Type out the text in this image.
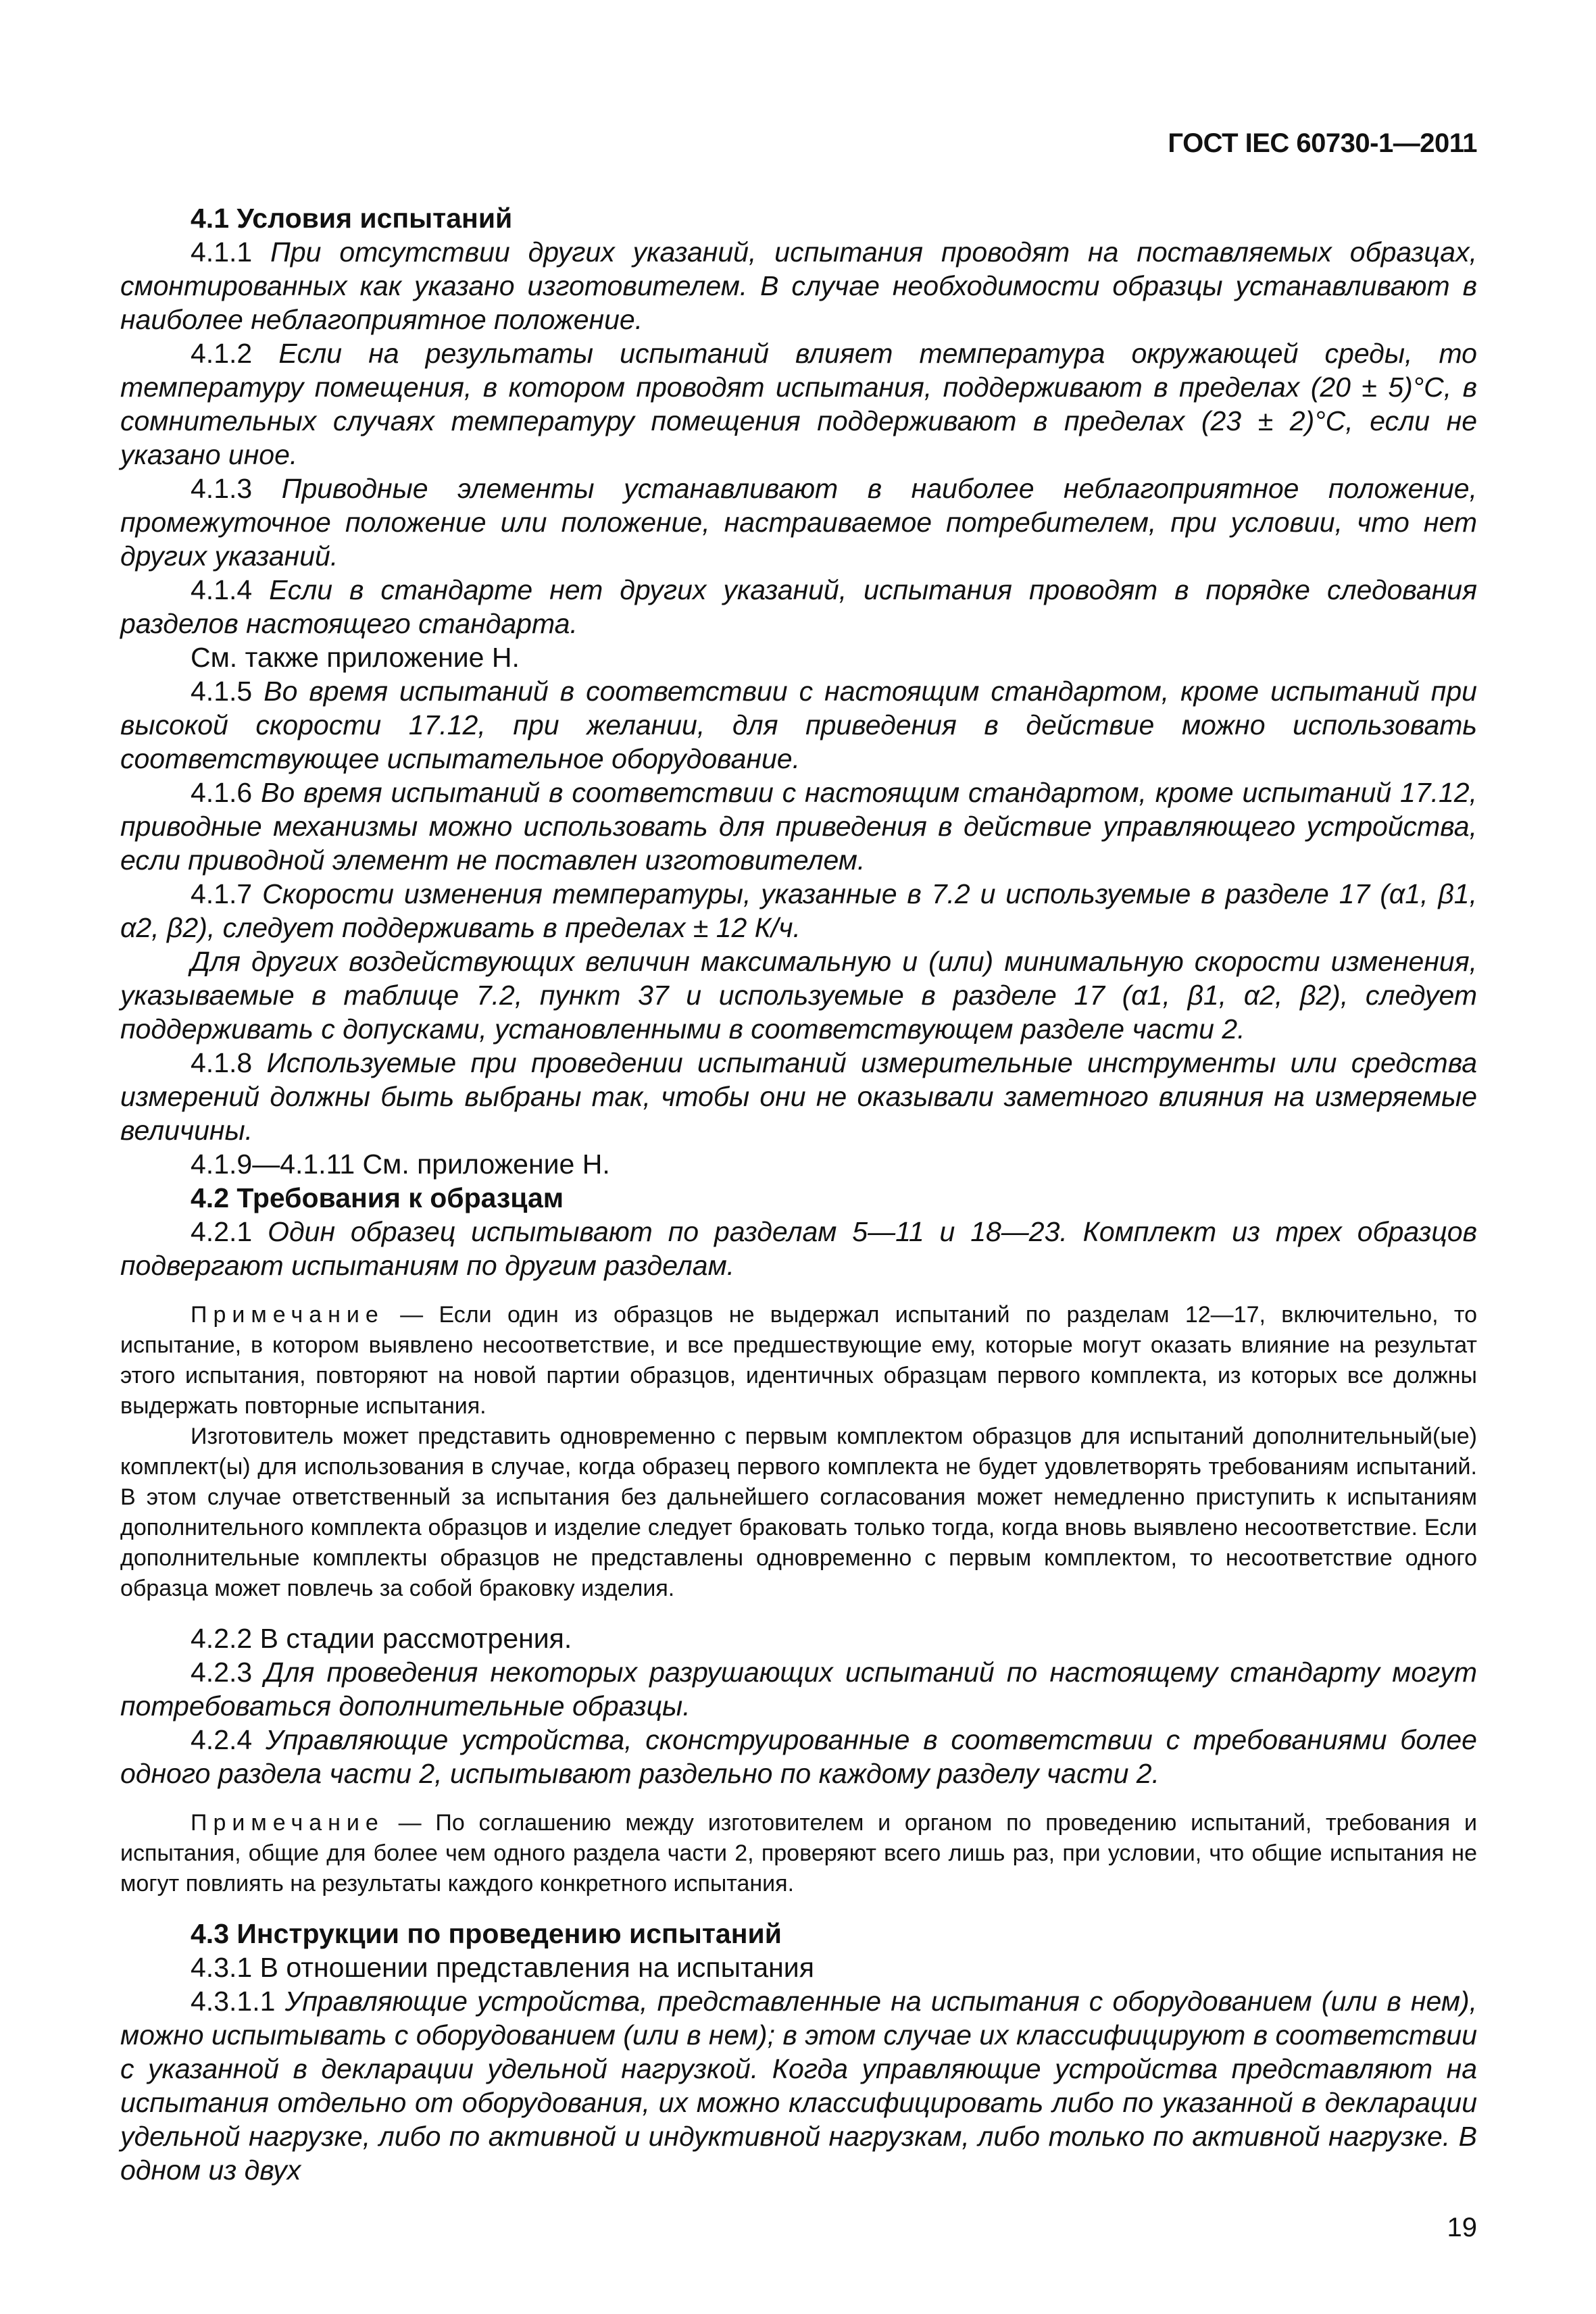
ГОСТ IEC 60730-1—2011

4.1 Условия испытаний

4.1.1 При отсутствии других указаний, испытания проводят на поставляемых образцах, смонтированных как указано изготовителем. В случае необходимости образцы устанавливают в наиболее неблагоприятное положение.

4.1.2 Если на результаты испытаний влияет температура окружающей среды, то температуру помещения, в котором проводят испытания, поддерживают в пределах (20 ± 5)°С, в сомнительных случаях температуру помещения поддерживают в пределах (23 ± 2)°С, если не указано иное.

4.1.3 Приводные элементы устанавливают в наиболее неблагоприятное положение, промежуточное положение или положение, настраиваемое потребителем, при условии, что нет других указаний.

4.1.4 Если в стандарте нет других указаний, испытания проводят в порядке следования разделов настоящего стандарта.

См. также приложение Н.

4.1.5 Во время испытаний в соответствии с настоящим стандартом, кроме испытаний при высокой скорости 17.12, при желании, для приведения в действие можно использовать соответствующее испытательное оборудование.

4.1.6 Во время испытаний в соответствии с настоящим стандартом, кроме испытаний 17.12, приводные механизмы можно использовать для приведения в действие управляющего устройства, если приводной элемент не поставлен изготовителем.

4.1.7 Скорости изменения температуры, указанные в 7.2 и используемые в разделе 17 (α1, β1, α2, β2), следует поддерживать в пределах ± 12 К/ч.

Для других воздействующих величин максимальную и (или) минимальную скорости изменения, указываемые в таблице 7.2, пункт 37 и используемые в разделе 17 (α1, β1, α2, β2), следует поддерживать с допусками, установленными в соответствующем разделе части 2.

4.1.8 Используемые при проведении испытаний измерительные инструменты или средства измерений должны быть выбраны так, чтобы они не оказывали заметного влияния на измеряемые величины.

4.1.9—4.1.11 См. приложение Н.

4.2 Требования к образцам

4.2.1 Один образец испытывают по разделам 5—11 и 18—23. Комплект из трех образцов подвергают испытаниям по другим разделам.

Примечание — Если один из образцов не выдержал испытаний по разделам 12—17, включительно, то испытание, в котором выявлено несоответствие, и все предшествующие ему, которые могут оказать влияние на результат этого испытания, повторяют на новой партии образцов, идентичных образцам первого комплекта, из которых все должны выдержать повторные испытания.

Изготовитель может представить одновременно с первым комплектом образцов для испытаний дополнительный(ые) комплект(ы) для использования в случае, когда образец первого комплекта не будет удовлетворять требованиям испытаний. В этом случае ответственный за испытания без дальнейшего согласования может немедленно приступить к испытаниям дополнительного комплекта образцов и изделие следует браковать только тогда, когда вновь выявлено несоответствие. Если дополнительные комплекты образцов не представлены одновременно с первым комплектом, то несоответствие одного образца может повлечь за собой браковку изделия.

4.2.2 В стадии рассмотрения.

4.2.3 Для проведения некоторых разрушающих испытаний по настоящему стандарту могут потребоваться дополнительные образцы.

4.2.4 Управляющие устройства, сконструированные в соответствии с требованиями более одного раздела части 2, испытывают раздельно по каждому разделу части 2.

Примечание — По соглашению между изготовителем и органом по проведению испытаний, требования и испытания, общие для более чем одного раздела части 2, проверяют всего лишь раз, при условии, что общие испытания не могут повлиять на результаты каждого конкретного испытания.

4.3 Инструкции по проведению испытаний

4.3.1 В отношении представления на испытания

4.3.1.1 Управляющие устройства, представленные на испытания с оборудованием (или в нем), можно испытывать с оборудованием (или в нем); в этом случае их классифицируют в соответствии с указанной в декларации удельной нагрузкой. Когда управляющие устройства представляют на испытания отдельно от оборудования, их можно классифицировать либо по указанной в декларации удельной нагрузке, либо по активной и индуктивной нагрузкам, либо только по активной нагрузке. В одном из двух

19
